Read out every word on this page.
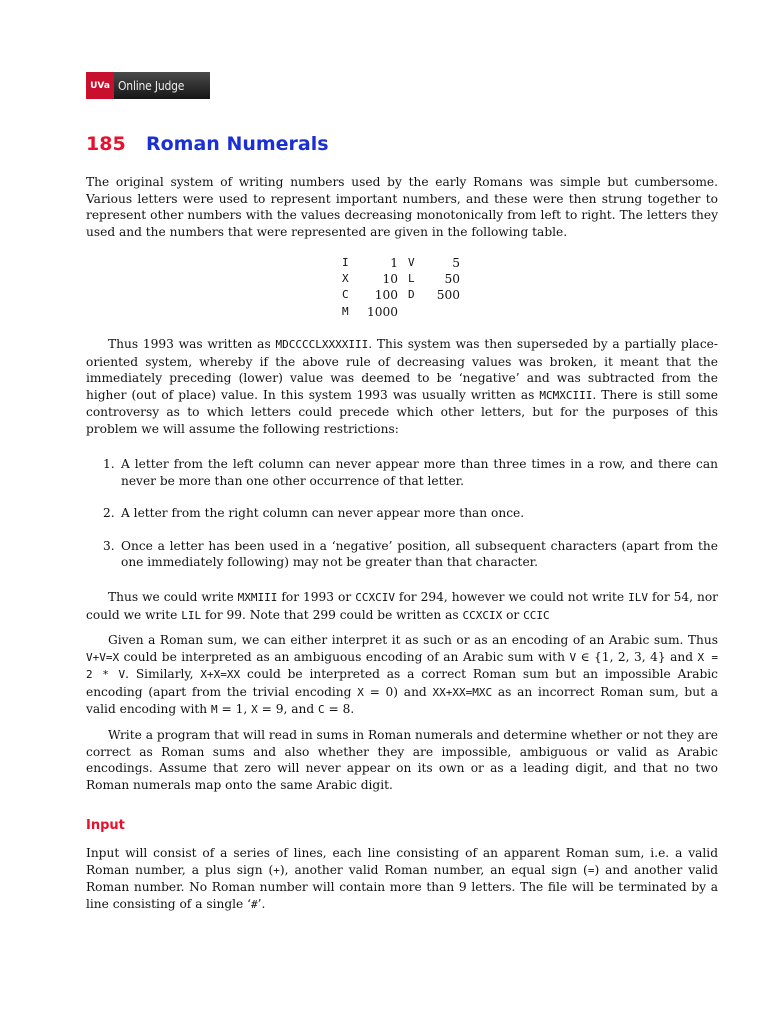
UVa Online Judge
185 Roman Numerals

The original system of writing numbers used by the early Romans was simple but cumbersome. Various letters were used to represent important numbers, and these were then strung together to represent other numbers with the values decreasing monotonically from left to right. The letters they used and the numbers that were represented are given in the following table.

I	1	V	5
X	10	L	50
C	100	D	500
M	1000		

Thus 1993 was written as MDCCCCLXXXXIII. This system was then superseded by a partially place-oriented system, whereby if the above rule of decreasing values was broken, it meant that the immediately preceding (lower) value was deemed to be ‘negative’ and was subtracted from the higher (out of place) value. In this system 1993 was usually written as MCMXCIII. There is still some controversy as to which letters could precede which other letters, but for the purposes of this problem we will assume the following restrictions:

1. A letter from the left column can never appear more than three times in a row, and there can never be more than one other occurrence of that letter.
2. A letter from the right column can never appear more than once.
3. Once a letter has been used in a ‘negative’ position, all subsequent characters (apart from the one immediately following) may not be greater than that character.

Thus we could write MXMIII for 1993 or CCXCIV for 294, however we could not write ILV for 54, nor could we write LIL for 99. Note that 299 could be written as CCXCIX or CCIC

Given a Roman sum, we can either interpret it as such or as an encoding of an Arabic sum. Thus V+V=X could be interpreted as an ambiguous encoding of an Arabic sum with V ∈ {1, 2, 3, 4} and X = 2 * V. Similarly, X+X=XX could be interpreted as a correct Roman sum but an impossible Arabic encoding (apart from the trivial encoding X = 0) and XX+XX=MXC as an incorrect Roman sum, but a valid encoding with M = 1, X = 9, and C = 8.

Write a program that will read in sums in Roman numerals and determine whether or not they are correct as Roman sums and also whether they are impossible, ambiguous or valid as Arabic encodings. Assume that zero will never appear on its own or as a leading digit, and that no two Roman numerals map onto the same Arabic digit.

Input

Input will consist of a series of lines, each line consisting of an apparent Roman sum, i.e. a valid Roman number, a plus sign (+), another valid Roman number, an equal sign (=) and another valid Roman number. No Roman number will contain more than 9 letters. The file will be terminated by a line consisting of a single ‘#’.
